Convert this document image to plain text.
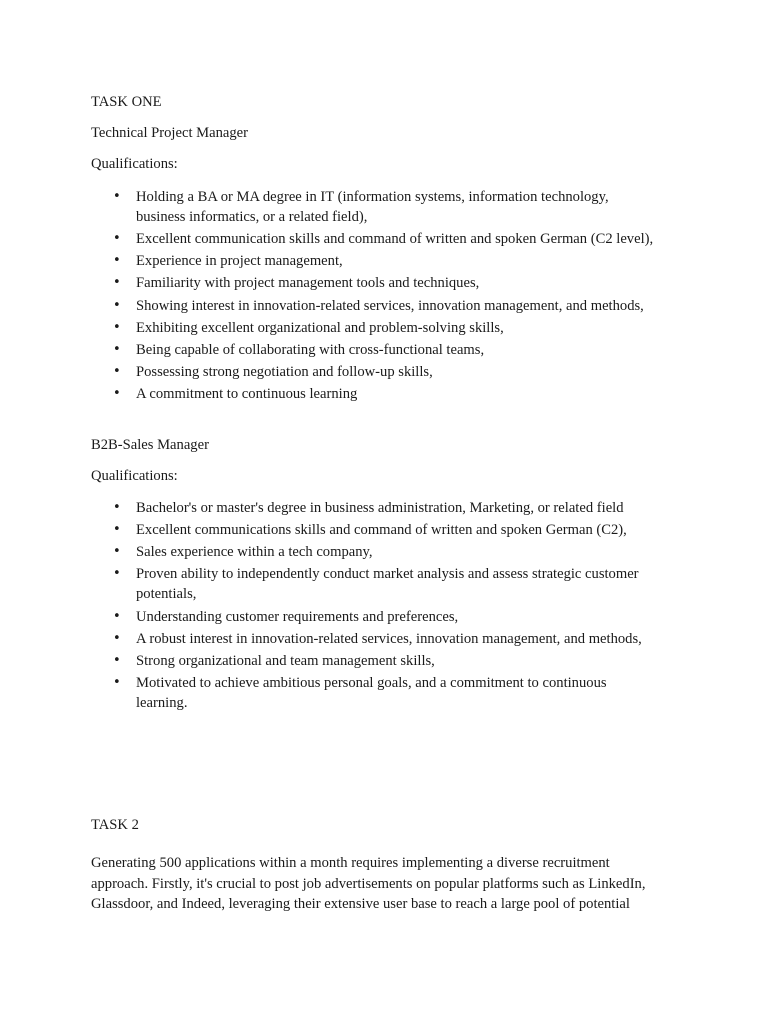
TASK ONE

Technical Project Manager

Qualifications:

• Holding a BA or MA degree in IT (information systems, information technology,
business informatics, or a related field),
• Excellent communication skills and command of written and spoken German (C2 level),
• Experience in project management,
• Familiarity with project management tools and techniques,
• Showing interest in innovation-related services, innovation management, and methods,
• Exhibiting excellent organizational and problem-solving skills,
• Being capable of collaborating with cross-functional teams,
• Possessing strong negotiation and follow-up skills,
• A commitment to continuous learning

B2B-Sales Manager

Qualifications:

• Bachelor's or master's degree in business administration, Marketing, or related field
• Excellent communications skills and command of written and spoken German (C2),
• Sales experience within a tech company,
• Proven ability to independently conduct market analysis and assess strategic customer
potentials,
• Understanding customer requirements and preferences,
• A robust interest in innovation-related services, innovation management, and methods,
• Strong organizational and team management skills,
• Motivated to achieve ambitious personal goals, and a commitment to continuous
learning.

TASK 2

Generating 500 applications within a month requires implementing a diverse recruitment
approach. Firstly, it's crucial to post job advertisements on popular platforms such as LinkedIn,
Glassdoor, and Indeed, leveraging their extensive user base to reach a large pool of potential
